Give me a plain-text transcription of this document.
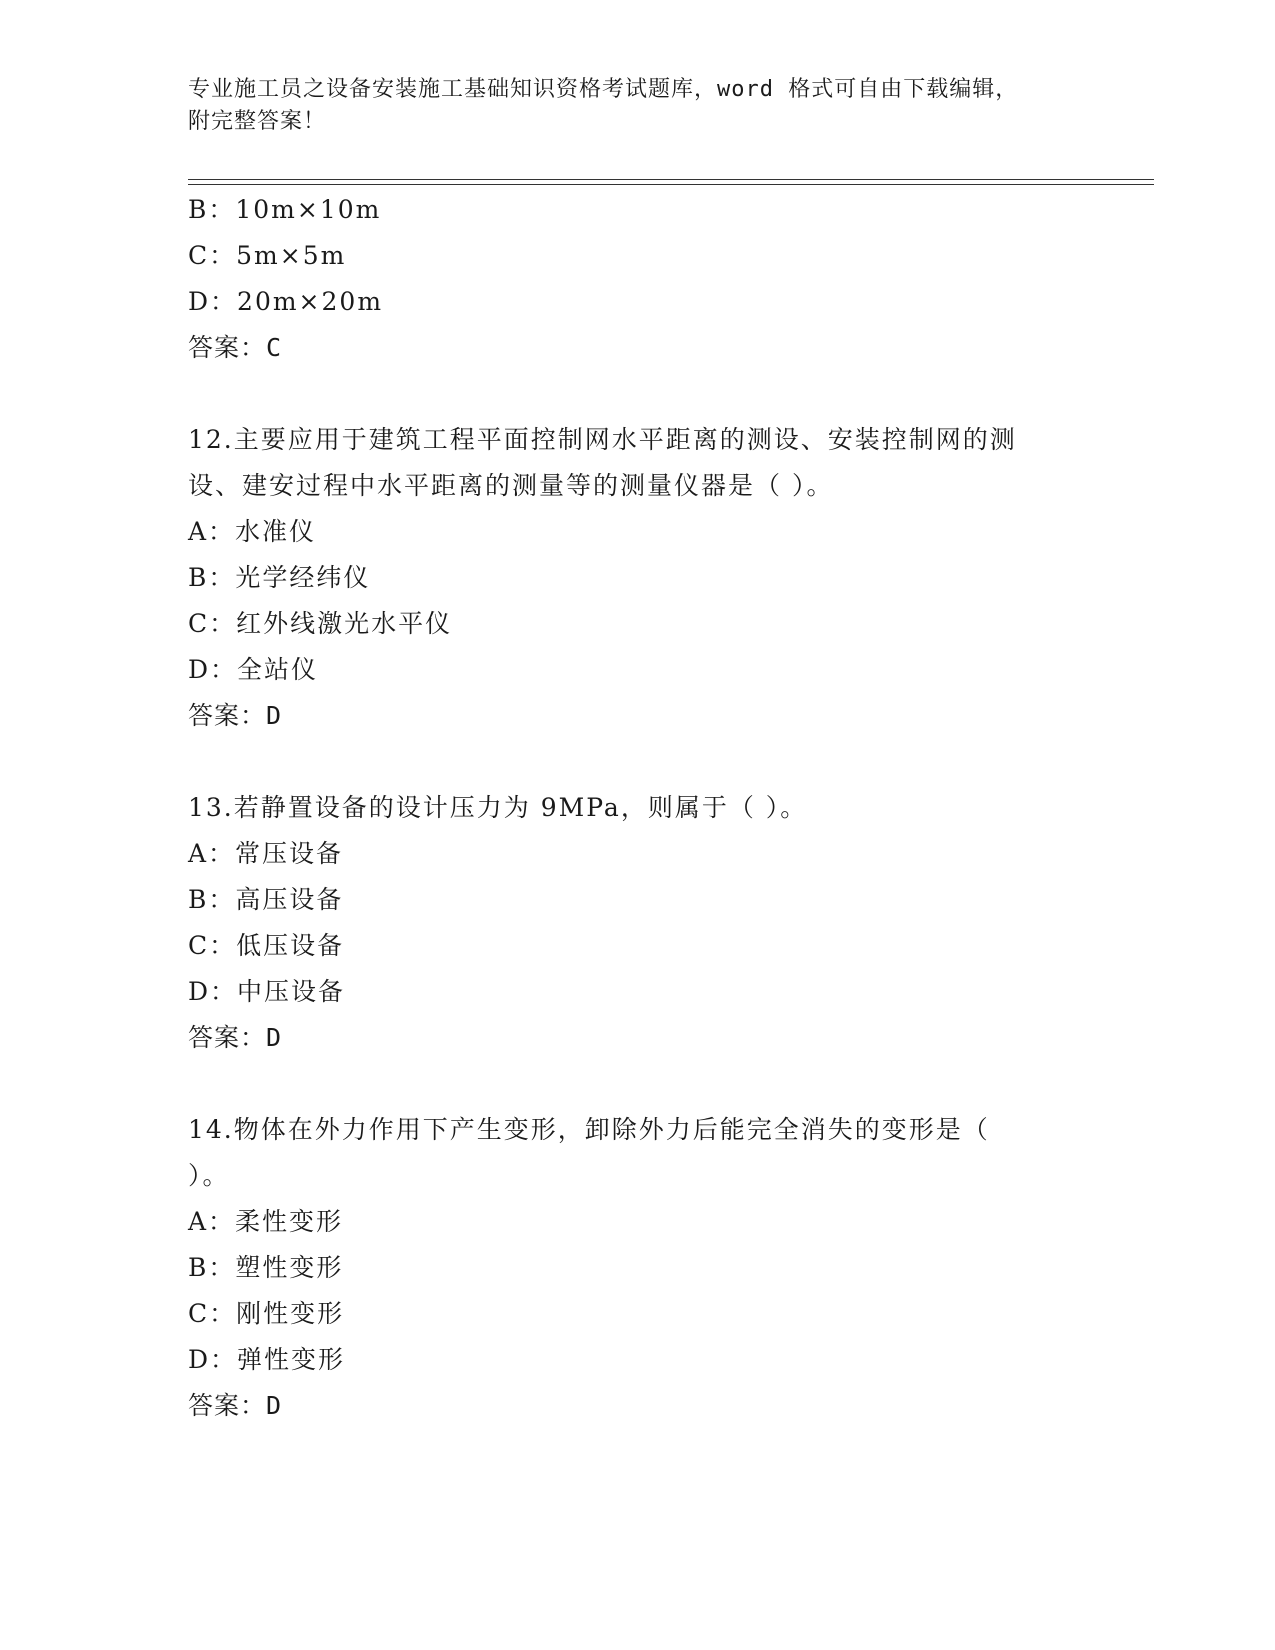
专业施工员之设备安装施工基础知识资格考试题库，word 格式可自由下载编辑，
附完整答案！
B：10m×10m
C：5m×5m
D：20m×20m
答案：C
12.主要应用于建筑工程平面控制网水平距离的测设、安装控制网的测
设、建安过程中水平距离的测量等的测量仪器是（ ）。
A：水准仪
B：光学经纬仪
C：红外线激光水平仪
D：全站仪
答案：D
13.若静置设备的设计压力为 9MPa，则属于（ ）。
A：常压设备
B：高压设备
C：低压设备
D：中压设备
答案：D
14.物体在外力作用下产生变形，卸除外力后能完全消失的变形是（
）。
A：柔性变形
B：塑性变形
C：刚性变形
D：弹性变形
答案：D
